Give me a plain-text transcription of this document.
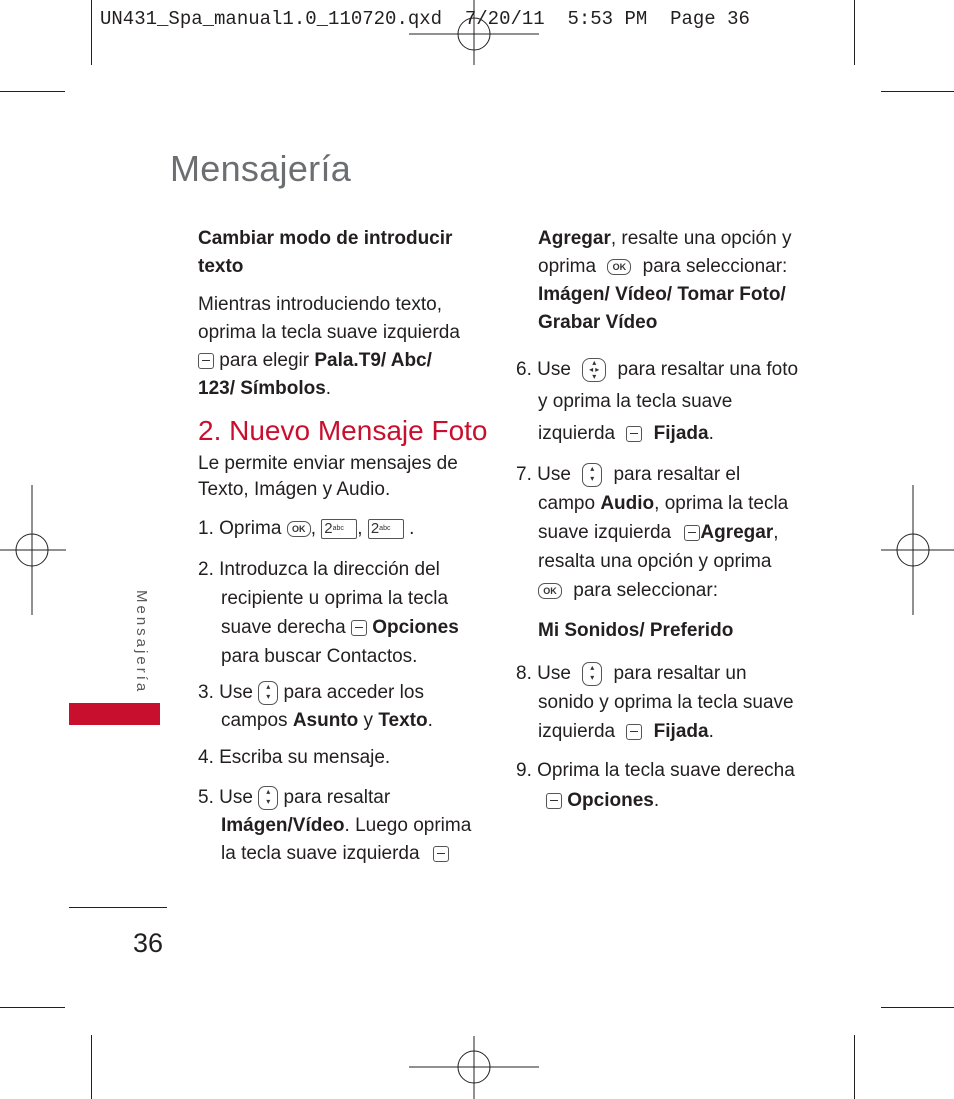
UN431_Spa_manual1.0_110720.qxd  7/20/11  5:53 PM  Page 36
Mensajería
Mensajería
36
Cambiar modo de introducir
texto
Mientras introduciendo texto,
oprima la tecla suave izquierda
para elegir Pala.T9/ Abc/
123/ Símbolos.
2. Nuevo Mensaje Foto
Le permite enviar mensajes de
Texto, Imágen y Audio.
1. Oprima OK , $2^{abc}$ , $2^{abc}$ .
2. Introduzca la dirección del
recipiente u oprima la tecla
suave derecha Opciones
para buscar Contactos.
3. Use ▴
▾ para acceder los
campos Asunto y Texto.
4. Escriba su mensaje.
5. Use ▴
▾ para resaltar
Imágen/Vídeo. Luego oprima
la tecla suave izquierda
Agregar, resalte una opción y
oprima OK para seleccionar:
Imágen/ Vídeo/ Tomar Foto/
Grabar Vídeo
6. Use	▴
◂ ▸
▾ para resaltar una foto
y oprima la tecla suave
izquierda Fijada.
7. Use ▴
▾ para resaltar el
campo Audio, oprima la tecla
suave izquierda Agregar,
resalta una opción y oprima
OK para seleccionar:
Mi Sonidos/ Preferido
8. Use ▴
▾ para resaltar un
sonido y oprima la tecla suave
izquierda Fijada.
9. Oprima la tecla suave derecha
Opciones.
